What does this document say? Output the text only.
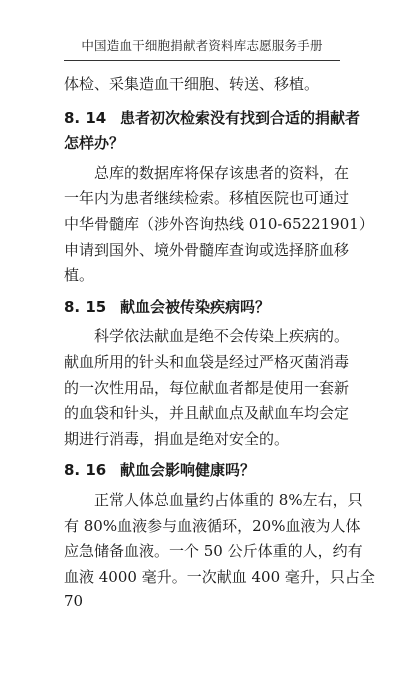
中国造血干细胞捐献者资料库志愿服务手册
体检、采集造血干细胞、转送、移植。
8. 14 患者初次检索没有找到合适的捐献者
怎样办？
总库的数据库将保存该患者的资料，在
一年内为患者继续检索。移植医院也可通过
中华骨髓库（涉外咨询热线 010-65221901）
申请到国外、境外骨髓库查询或选择脐血移
植。
8. 15 献血会被传染疾病吗？
科学依法献血是绝不会传染上疾病的。
献血所用的针头和血袋是经过严格灭菌消毒
的一次性用品，每位献血者都是使用一套新
的血袋和针头，并且献血点及献血车均会定
期进行消毒，捐血是绝对安全的。
8. 16 献血会影响健康吗？
正常人体总血量约占体重的 8%左右，只
有 80%血液参与血液循环，20%血液为人体
应急储备血液。一个 50 公斤体重的人，约有
血液 4000 毫升。一次献血 400 毫升，只占全
70
